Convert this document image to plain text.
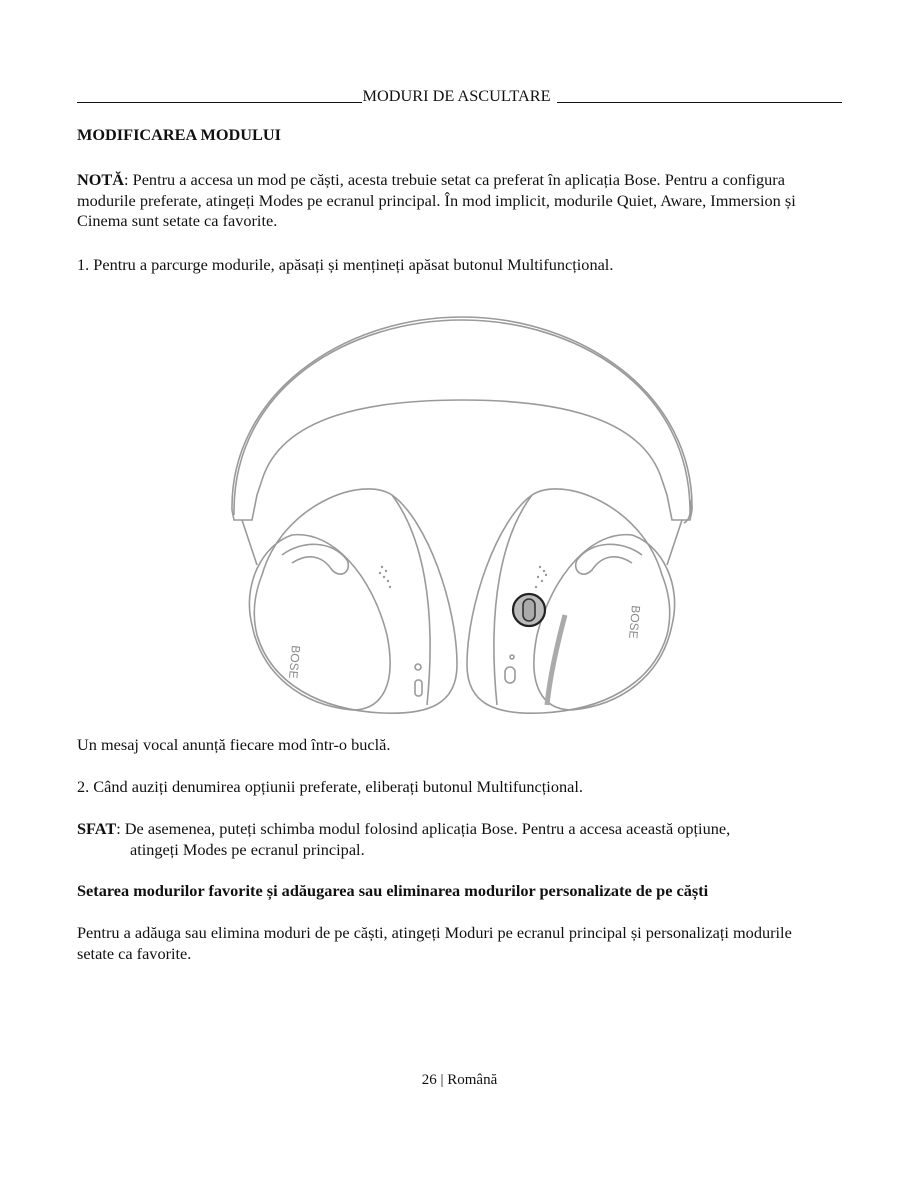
MODURI DE ASCULTARE
MODIFICAREA MODULUI
NOTĂ: Pentru a accesa un mod pe căști, acesta trebuie setat ca preferat în aplicația Bose. Pentru a configura modurile preferate, atingeți Modes pe ecranul principal. În mod implicit, modurile Quiet, Aware, Immersion și Cinema sunt setate ca favorite.
1. Pentru a parcurge modurile, apăsați și mențineți apăsat butonul Multifuncțional.
BOSE
BOSE
Un mesaj vocal anunță fiecare mod într-o buclă.
2. Când auziți denumirea opțiunii preferate, eliberați butonul Multifuncțional.
SFAT: De asemenea, puteți schimba modul folosind aplicația Bose. Pentru a accesa această opțiune,
atingeți Modes pe ecranul principal.
Setarea modurilor favorite și adăugarea sau eliminarea modurilor personalizate de pe căști
Pentru a adăuga sau elimina moduri de pe căști, atingeți Moduri pe ecranul principal și personalizați modurile setate ca favorite.
26 | Română
